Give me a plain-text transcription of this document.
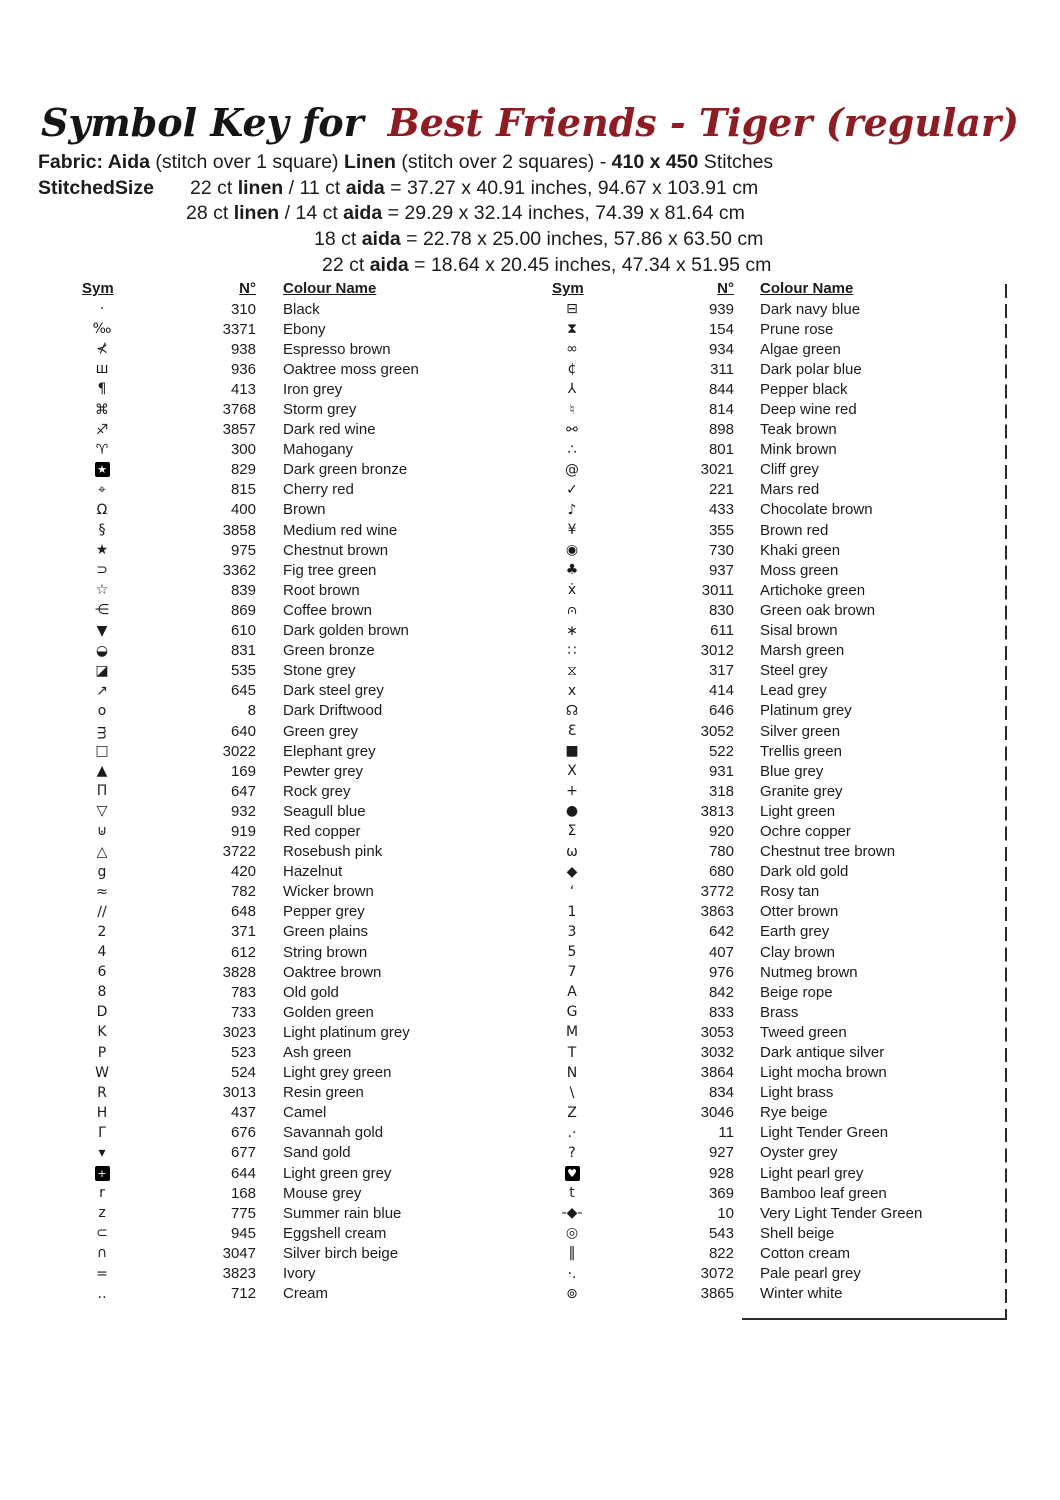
Symbol Key for Best Friends - Tiger (regular)
Fabric: Aida (stitch over 1 square) Linen (stitch over 2 squares) - 410 x 450 Stitches
StitchedSize 22 ct linen / 11 ct aida = 37.27 x 40.91 inches, 94.67 x 103.91 cm
28 ct linen / 14 ct aida = 29.29 x 32.14 inches, 74.39 x 81.64 cm
18 ct aida = 22.78 x 25.00 inches, 57.86 x 63.50 cm
22 ct aida = 18.64 x 20.45 inches, 47.34 x 51.95 cm
Sym	N°	Colour Name
·	310	Black
‰	3371	Ebony
⊀	938	Espresso brown
ш	936	Oaktree moss green
¶	413	Iron grey
⌘	3768	Storm grey
♐	3857	Dark red wine
♈	300	Mahogany
★	829	Dark green bronze
⌖	815	Cherry red
Ω	400	Brown
§	3858	Medium red wine
★	975	Chestnut brown
⊃	3362	Fig tree green
☆	839	Root brown
⋲	869	Coffee brown
▼	610	Dark golden brown
◒	831	Green bronze
◪	535	Stone grey
↗	645	Dark steel grey
o	8	Dark Driftwood
ᴟ	640	Green grey
□	3022	Elephant grey
▲	169	Pewter grey
Π	647	Rock grey
▽	932	Seagull blue
⊍	919	Red copper
△	3722	Rosebush pink
g	420	Hazelnut
≈	782	Wicker brown
∕∕	648	Pepper grey
2	371	Green plains
4	612	String brown
6	3828	Oaktree brown
8	783	Old gold
D	733	Golden green
K	3023	Light platinum grey
P	523	Ash green
W	524	Light grey green
R	3013	Resin green
H	437	Camel
Γ	676	Savannah gold
▾	677	Sand gold
+	644	Light green grey
r	168	Mouse grey
z	775	Summer rain blue
⊂	945	Eggshell cream
∩	3047	Silver birch beige
=	3823	Ivory
‥	712	Cream
Sym	N°	Colour Name
⊟	939	Dark navy blue
⧗	154	Prune rose
∞	934	Algae green
¢	311	Dark polar blue
⅄	844	Pepper black
♮	814	Deep wine red
⚯	898	Teak brown
∴	801	Mink brown
@	3021	Cliff grey
✓	221	Mars red
♪	433	Chocolate brown
¥	355	Brown red
◉	730	Khaki green
♣	937	Moss green
ẋ	3011	Artichoke green
⩀	830	Green oak brown
∗	611	Sisal brown
∷	3012	Marsh green
⧖	317	Steel grey
x	414	Lead grey
☊	646	Platinum grey
Ɛ	3052	Silver green
■	522	Trellis green
Ⅹ	931	Blue grey
+	318	Granite grey
●	3813	Light green
Σ	920	Ochre copper
ω	780	Chestnut tree brown
◆	680	Dark old gold
‘	3772	Rosy tan
1	3863	Otter brown
3	642	Earth grey
5	407	Clay brown
7	976	Nutmeg brown
A	842	Beige rope
G	833	Brass
M	3053	Tweed green
T	3032	Dark antique silver
N	3864	Light mocha brown
\	834	Light brass
Z	3046	Rye beige
.·	11	Light Tender Green
?	927	Oyster grey
♥	928	Light pearl grey
t	369	Bamboo leaf green
-◆-	10	Very Light Tender Green
◎	543	Shell beige
‖	822	Cotton cream
·.	3072	Pale pearl grey
⊚	3865	Winter white
